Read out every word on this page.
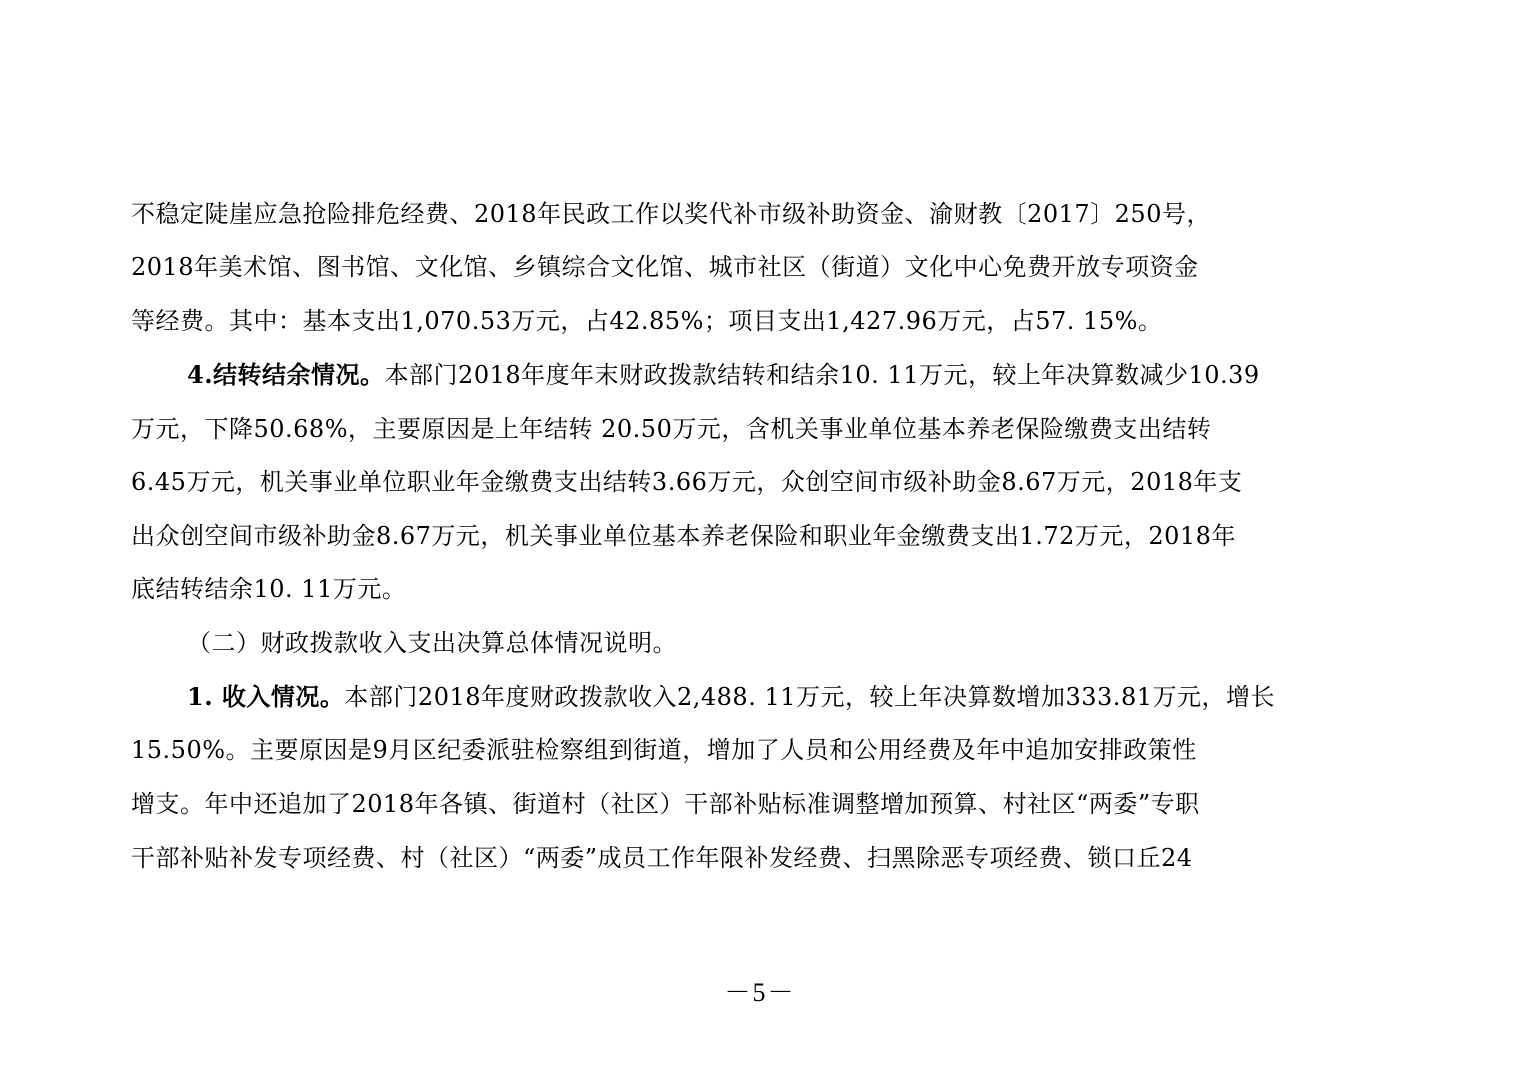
不稳定陡崖应急抢险排危经费、2018年民政工作以奖代补市级补助资金、渝财教〔2017〕250号，
2018年美术馆、图书馆、文化馆、乡镇综合文化馆、城市社区（街道）文化中心免费开放专项资金
等经费。其中：基本支出1,070.53万元，占42.85%；项目支出1,427.96万元，占57. 15%。
4.结转结余情况。本部门2018年度年末财政拨款结转和结余10. 11万元，较上年决算数减少10.39
万元，下降50.68%，主要原因是上年结转 20.50万元，含机关事业单位基本养老保险缴费支出结转
6.45万元，机关事业单位职业年金缴费支出结转3.66万元，众创空间市级补助金8.67万元，2018年支
出众创空间市级补助金8.67万元，机关事业单位基本养老保险和职业年金缴费支出1.72万元，2018年
底结转结余10. 11万元。
（二）财政拨款收入支出决算总体情况说明。
1. 收入情况。本部门2018年度财政拨款收入2,488. 11万元，较上年决算数增加333.81万元，增长
15.50%。主要原因是9月区纪委派驻检察组到街道，增加了人员和公用经费及年中追加安排政策性
增支。年中还追加了2018年各镇、街道村（社区）干部补贴标准调整增加预算、村社区“两委”专职
干部补贴补发专项经费、村（社区）“两委”成员工作年限补发经费、扫黑除恶专项经费、锁口丘24
－5－
